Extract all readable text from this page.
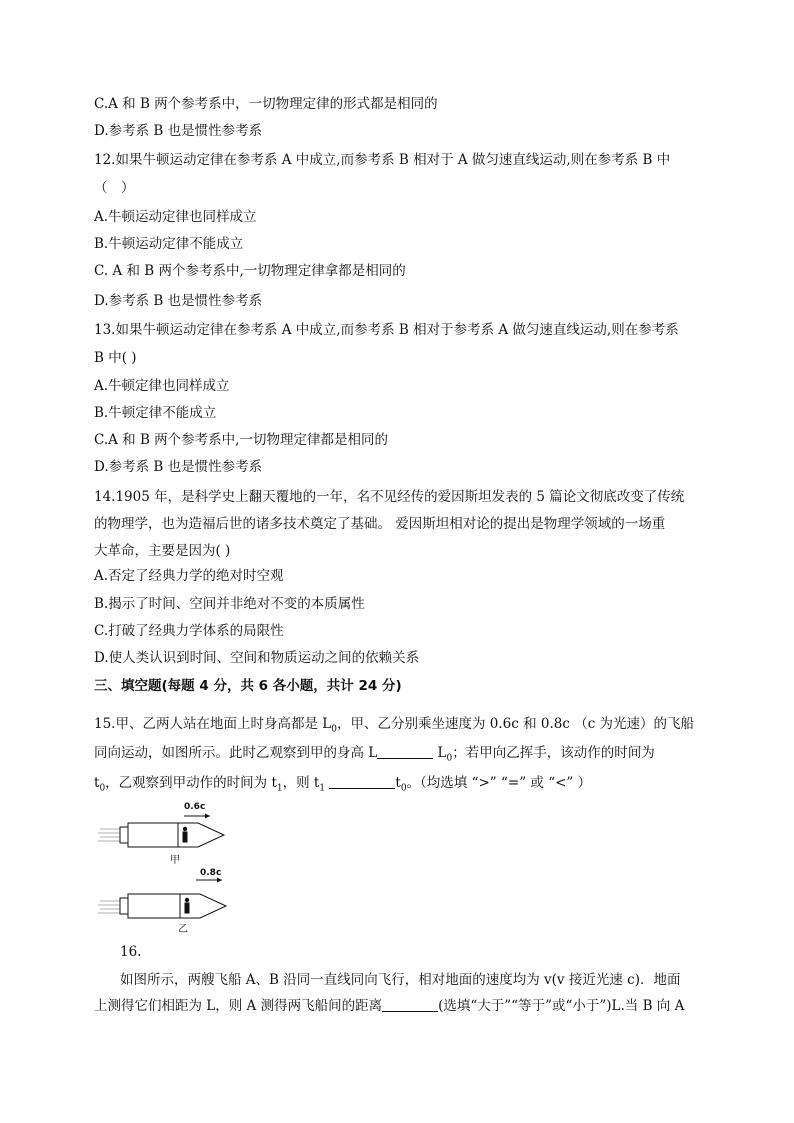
C.A 和 B 两个参考系中，一切物理定律的形式都是相同的
D.参考系 B 也是惯性参考系
12.如果牛顿运动定律在参考系 A 中成立,而参考系 B 相对于 A 做匀速直线运动,则在参考系 B 中
（　）
A.牛顿运动定律也同样成立
B.牛顿运动定律不能成立
C. A 和 B 两个参考系中,一切物理定律拿都是相同的
D.参考系 B 也是惯性参考系
13.如果牛顿运动定律在参考系 A 中成立,而参考系 B 相对于参考系 A 做匀速直线运动,则在参考系
B 中( )
A.牛顿定律也同样成立
B.牛顿定律不能成立
C.A 和 B 两个参考系中,一切物理定律都是相同的
D.参考系 B 也是惯性参考系
14.1905 年，是科学史上翻天覆地的一年，名不见经传的爱因斯坦发表的 5 篇论文彻底改变了传统
的物理学，也为造福后世的诸多技术奠定了基础。 爱因斯坦相对论的提出是物理学领域的一场重
大革命，主要是因为( )
A.否定了经典力学的绝对时空观
B.揭示了时间、空间并非绝对不变的本质属性
C.打破了经典力学体系的局限性
D.使人类认识到时间、空间和物质运动之间的依赖关系
三、填空题(每题 4 分，共 6 各小题，共计 24 分)
15.甲、乙两人站在地面上时身高都是 $L_0$，甲、乙分别乘坐速度为 0.6c 和 0.8c （c 为光速）的飞船
同向运动，如图所示。此时乙观察到甲的身高 L	$L_0$；若甲向乙挥手，该动作的时间为
$t_0$，乙观察到甲动作的时间为 $t_1$，则 $t_1$	$t_0$。（均选填 “>” “=” 或 “<” ）
0.6c
甲
0.8c
乙
16.
如图所示，两艘飞船 A、B 沿同一直线同向飞行，相对地面的速度均为 v(v 接近光速 c)．地面
上测得它们相距为 L，则 A 测得两飞船间的距离	(选填“大于”“等于”或“小于”)L.当 B 向 A
